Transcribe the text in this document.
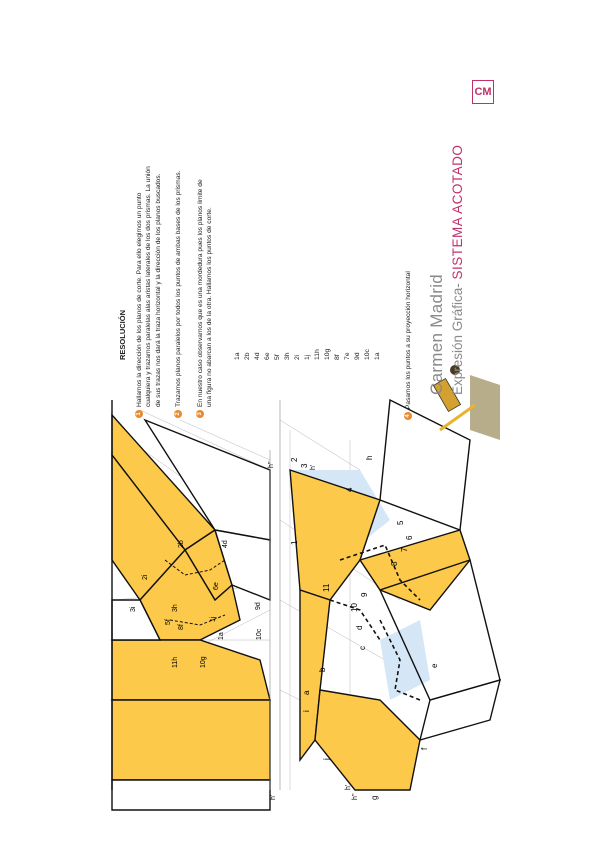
3i
2i
2b	4d
3h
5f
6e
1j
1a
9d
10c
11h	10g
8f
1
2
3
4
5
6
7
8
9
10
11
a
b
c
d
e
f
g
h
i
j
h'
h''	h'
h'
h''
RESOLUCIÓN
1Hallamos la dirección de los planos de corte. Para ello elegimos un punto cualquiera y trazamos paralelas alas aristas laterales de los dos prismas. La unión de sus trazas nos dará la traza horizontal y la dirección de los planos buscados.
2Trazamos planos paralelos por todos los puntos de ambas bases de los prismas.
3En nuestro caso observamos que es una mordedura pues los planos limite de una figura no abarcan a los de la otra. Hallamos los puntos de corte.	1a 2b 4d 6e 5f 3h 2i 1j 11h 10g 8f 7e 9d 10c 1a
4Pasamos los puntos a su proyección horizontal Carmen Madrid Expresión Gráfica- SISTEMA ACOTADO
CM
